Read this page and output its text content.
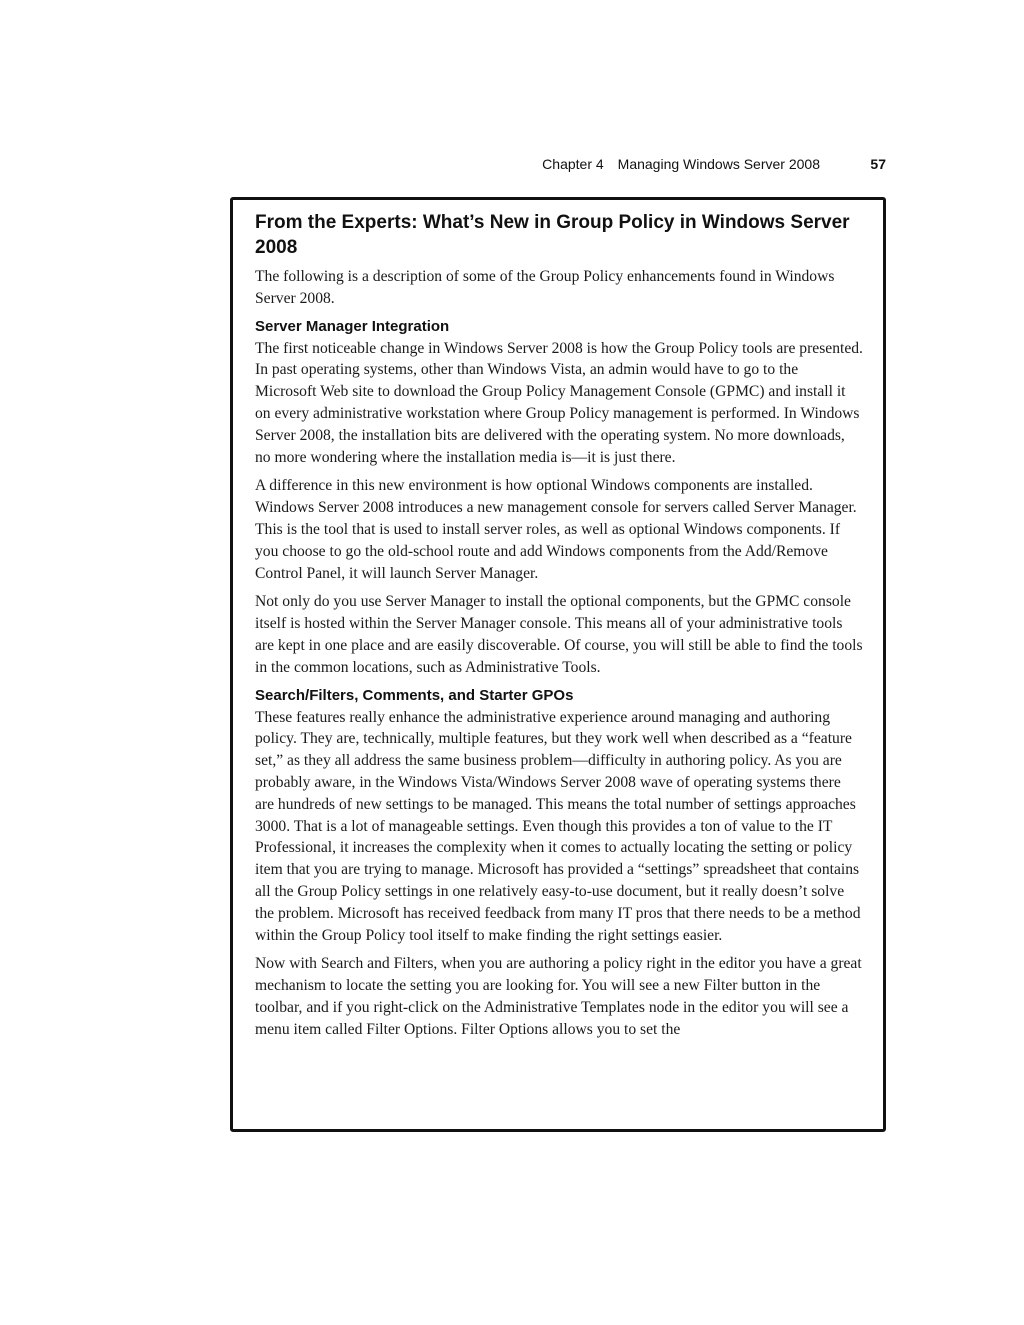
Chapter 4 Managing Windows Server 2008	57
From the Experts: What’s New in Group Policy in Windows Server 2008

The following is a description of some of the Group Policy enhancements found in Windows Server 2008.

Server Manager Integration

The first noticeable change in Windows Server 2008 is how the Group Policy tools are presented. In past operating systems, other than Windows Vista, an admin would have to go to the Microsoft Web site to download the Group Policy Management Console (GPMC) and install it on every administrative workstation where Group Policy management is performed. In Windows Server 2008, the installation bits are delivered with the operating system. No more downloads, no more wondering where the installation media is—it is just there.

A difference in this new environment is how optional Windows components are installed. Windows Server 2008 introduces a new management console for servers called Server Manager. This is the tool that is used to install server roles, as well as optional Windows components. If you choose to go the old-school route and add Windows components from the Add/Remove Control Panel, it will launch Server Manager.

Not only do you use Server Manager to install the optional components, but the GPMC console itself is hosted within the Server Manager console. This means all of your administrative tools are kept in one place and are easily discoverable. Of course, you will still be able to find the tools in the common locations, such as Administrative Tools.

Search/Filters, Comments, and Starter GPOs

These features really enhance the administrative experience around managing and authoring policy. They are, technically, multiple features, but they work well when described as a “feature set,” as they all address the same business problem—difficulty in authoring policy. As you are probably aware, in the Windows Vista/Windows Server 2008 wave of operating systems there are hundreds of new settings to be managed. This means the total number of settings approaches 3000. That is a lot of manageable settings. Even though this provides a ton of value to the IT Professional, it increases the complexity when it comes to actually locating the setting or policy item that you are trying to manage. Microsoft has provided a “settings” spreadsheet that contains all the Group Policy settings in one relatively easy-to-use document, but it really doesn’t solve the problem. Microsoft has received feedback from many IT pros that there needs to be a method within the Group Policy tool itself to make finding the right settings easier.

Now with Search and Filters, when you are authoring a policy right in the editor you have a great mechanism to locate the setting you are looking for. You will see a new Filter button in the toolbar, and if you right-click on the Administrative Templates node in the editor you will see a menu item called Filter Options. Filter Options allows you to set the
